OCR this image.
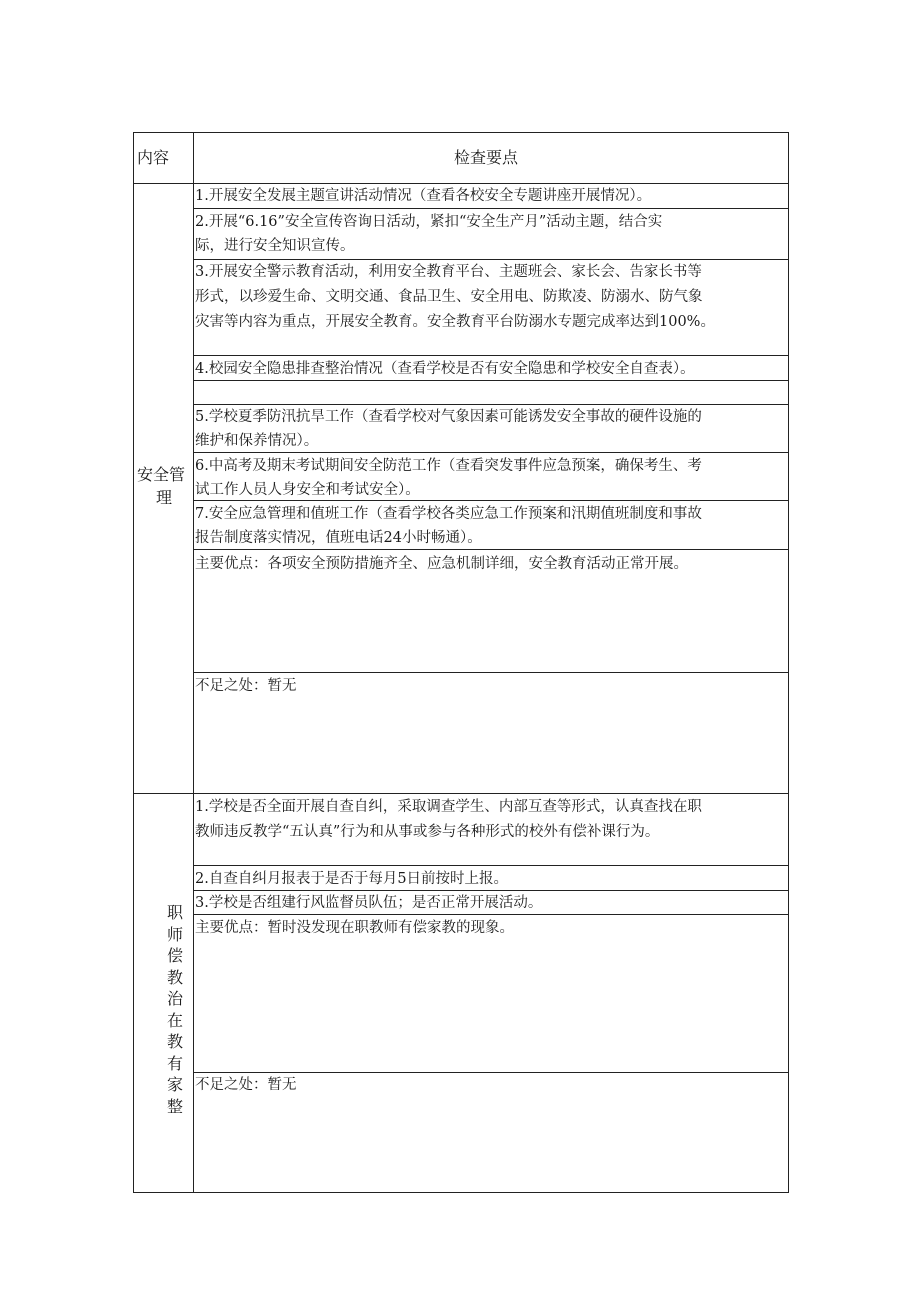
内容	检查要点
安全管
理
1.开展安全发展主题宣讲活动情况（查看各校安全专题讲座开展情况）。
2.开展“6.16”安全宣传咨询日活动，紧扣“安全生产月”活动主题，结合实
际，进行安全知识宣传。
3.开展安全警示教育活动，利用安全教育平台、主题班会、家长会、告家长书等
形式，以珍爱生命、文明交通、食品卫生、安全用电、防欺凌、防溺水、防气象
灾害等内容为重点，开展安全教育。安全教育平台防溺水专题完成率达到100%。
4.校园安全隐患排查整治情况（查看学校是否有安全隐患和学校安全自查表）。
5.学校夏季防汛抗旱工作（查看学校对气象因素可能诱发安全事故的硬件设施的
维护和保养情况）。
6.中高考及期末考试期间安全防范工作（查看突发事件应急预案，确保考生、考
试工作人员人身安全和考试安全）。
7.安全应急管理和值班工作（查看学校各类应急工作预案和汛期值班制度和事故
报告制度落实情况，值班电话24小时畅通）。
主要优点：各项安全预防措施齐全、应急机制详细，安全教育活动正常开展。
不足之处：暂无
职师偿教治在教有家整
1.学校是否全面开展自查自纠，采取调查学生、内部互查等形式，认真查找在职
教师违反教学“五认真”行为和从事或参与各种形式的校外有偿补课行为。
2.自查自纠月报表于是否于每月5日前按时上报。
3.学校是否组建行风监督员队伍；是否正常开展活动。
主要优点：暂时没发现在职教师有偿家教的现象。
不足之处：暂无
